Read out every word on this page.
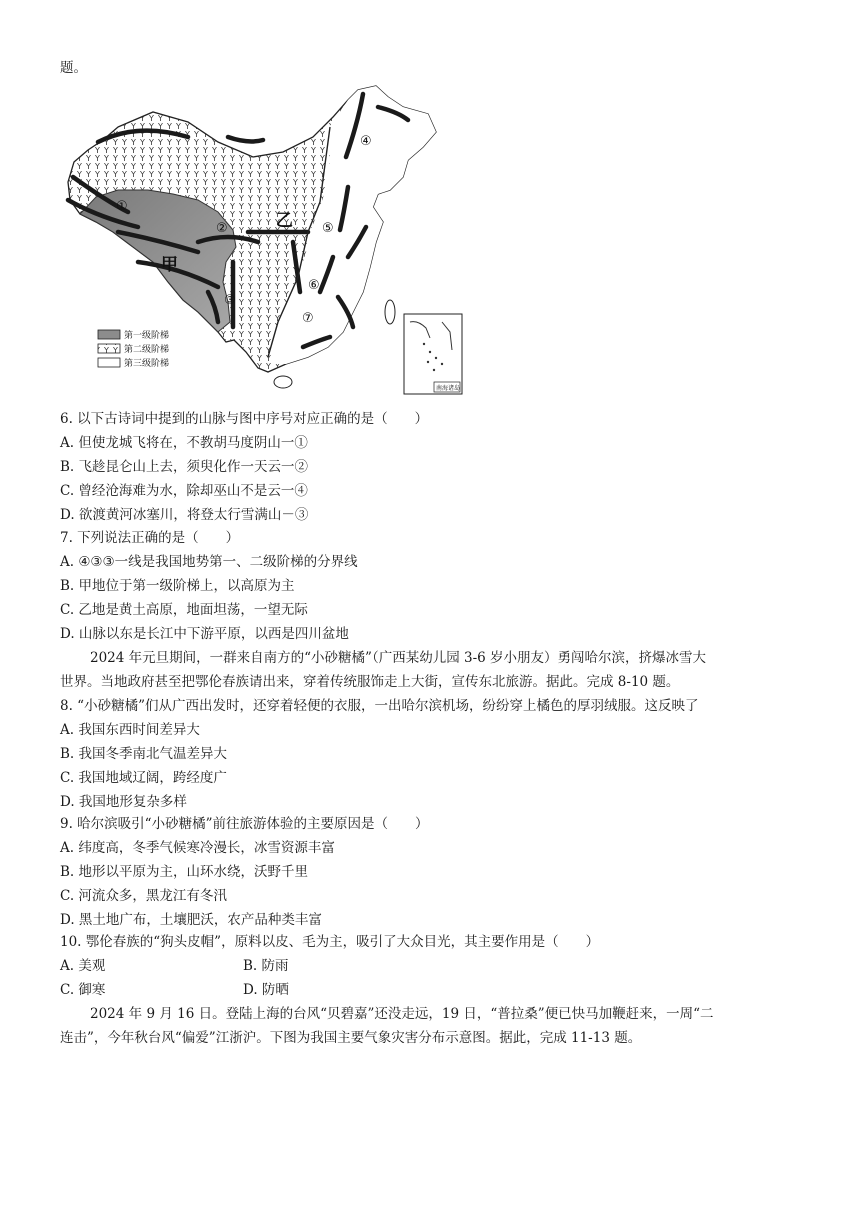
题。
①
②
③
④
⑤
⑥
⑦
甲
乙
第一级阶梯
第二级阶梯
第三级阶梯
南海诸岛
6. 以下古诗词中提到的山脉与图中序号对应正确的是（　　）
A. 但使龙城飞将在，不教胡马度阴山一①
B. 飞趁昆仑山上去，须臾化作一天云一②
C. 曾经沧海难为水，除却巫山不是云一④
D. 欲渡黄河冰塞川，将登太行雪满山－③
7. 下列说法正确的是（　　）
A. ④③③一线是我国地势第一、二级阶梯的分界线
B. 甲地位于第一级阶梯上，以高原为主
C. 乙地是黄土高原，地面坦荡，一望无际
D. 山脉以东是长江中下游平原，以西是四川盆地
2024 年元旦期间，一群来自南方的“小砂糖橘”（广西某幼儿园 3-6 岁小朋友）勇闯哈尔滨，挤爆冰雪大
世界。当地政府甚至把鄂伦春族请出来，穿着传统服饰走上大街，宣传东北旅游。据此。完成 8-10 题。
8. “小砂糖橘”们从广西出发时，还穿着轻便的衣服，一出哈尔滨机场，纷纷穿上橘色的厚羽绒服。这反映了
A. 我国东西时间差异大
B. 我国冬季南北气温差异大
C. 我国地域辽阔，跨经度广
D. 我国地形复杂多样
9. 哈尔滨吸引“小砂糖橘”前往旅游体验的主要原因是（　　）
A. 纬度高，冬季气候寒冷漫长，冰雪资源丰富
B. 地形以平原为主，山环水绕，沃野千里
C. 河流众多，黑龙江有冬汛
D. 黑土地广布，土壤肥沃，农产品种类丰富
10. 鄂伦春族的“狗头皮帽”，原料以皮、毛为主，吸引了大众目光，其主要作用是（　　）
A. 美观	B. 防雨
C. 御寒	D. 防晒
2024 年 9 月 16 日。登陆上海的台风“贝碧嘉”还没走远，19 日，“普拉桑”便已快马加鞭赶来，一周“二
连击”，今年秋台风“偏爱”江浙沪。下图为我国主要气象灾害分布示意图。据此，完成 11-13 题。
